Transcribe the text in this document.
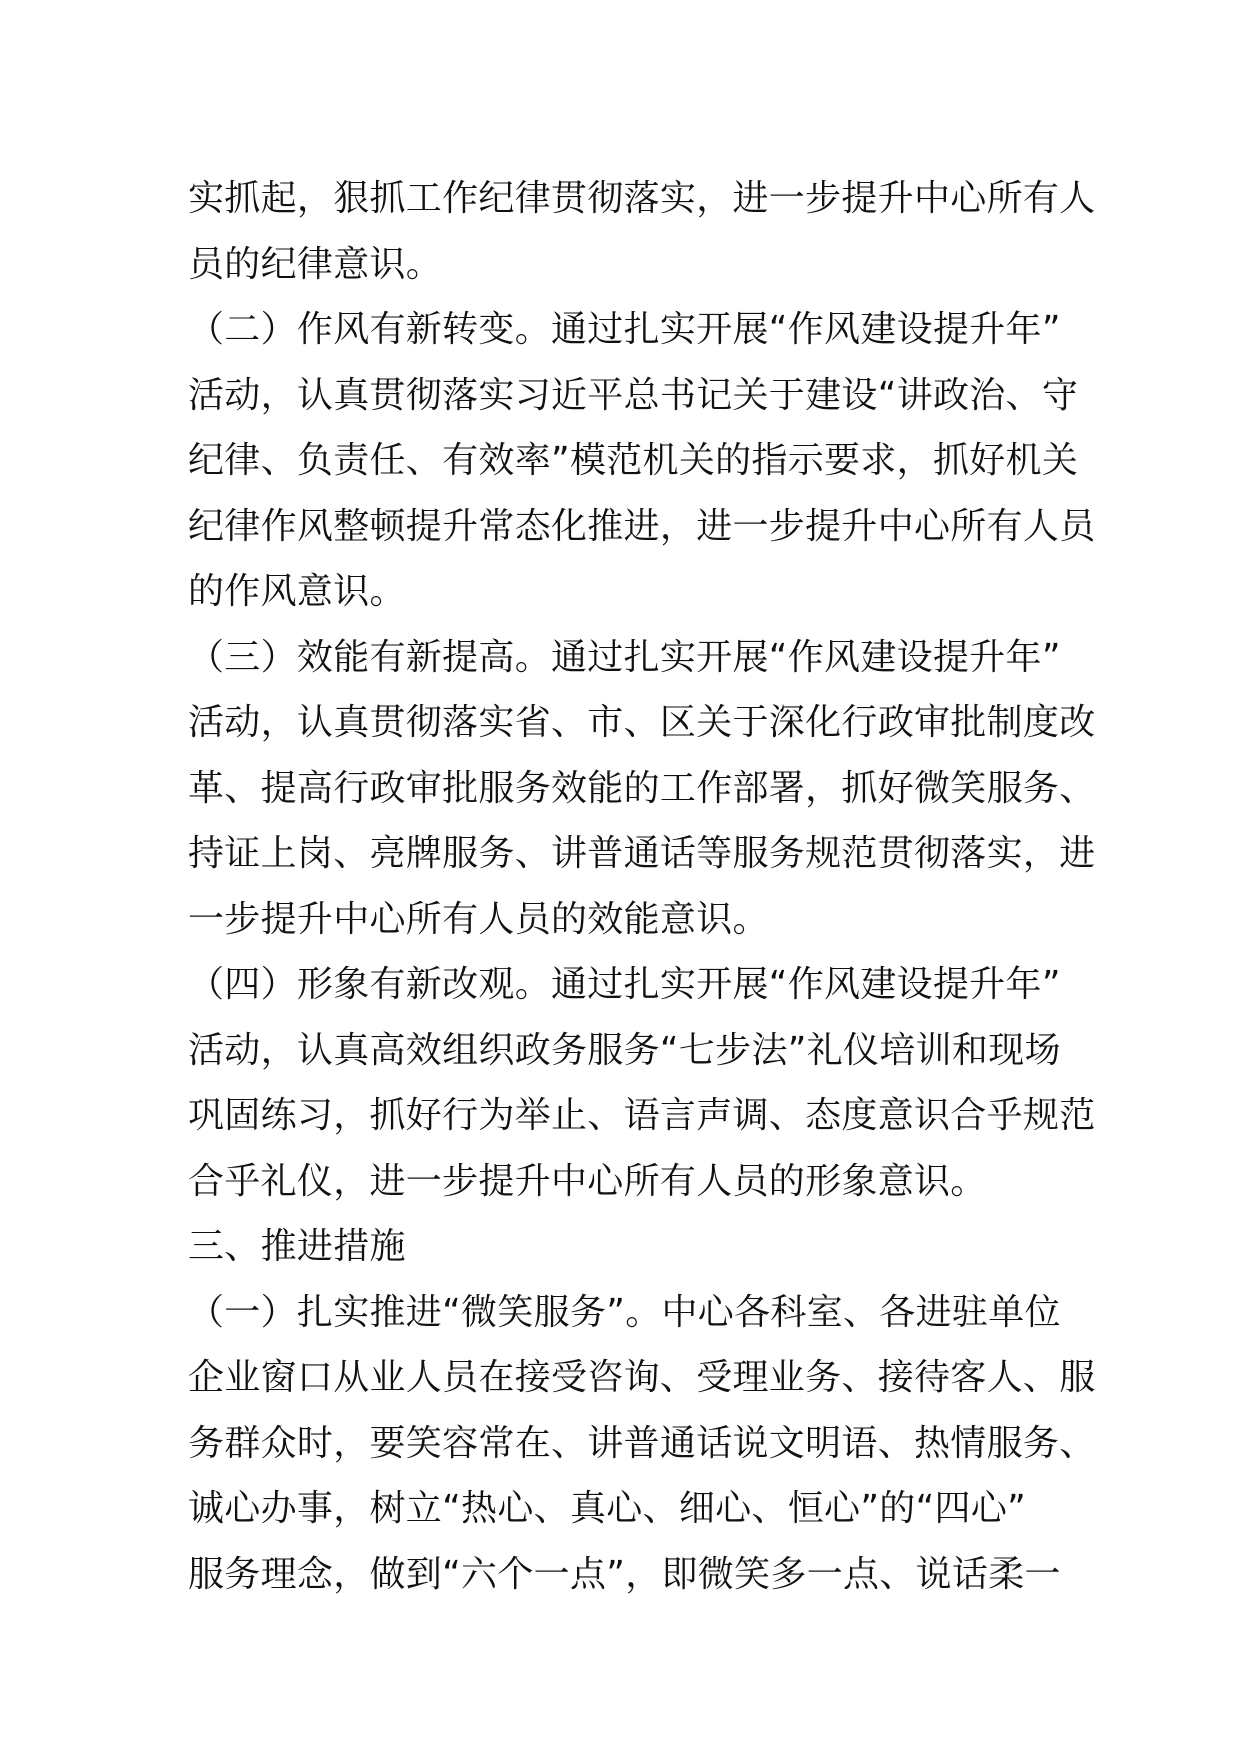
实抓起，狠抓工作纪律贯彻落实，进一步提升中心所有人
员的纪律意识。
（二）作风有新转变。通过扎实开展“作风建设提升年”
活动，认真贯彻落实习近平总书记关于建设“讲政治、守
纪律、负责任、有效率”模范机关的指示要求，抓好机关
纪律作风整顿提升常态化推进，进一步提升中心所有人员
的作风意识。
（三）效能有新提高。通过扎实开展“作风建设提升年”
活动，认真贯彻落实省、市、区关于深化行政审批制度改
革、提高行政审批服务效能的工作部署，抓好微笑服务、
持证上岗、亮牌服务、讲普通话等服务规范贯彻落实，进
一步提升中心所有人员的效能意识。
（四）形象有新改观。通过扎实开展“作风建设提升年”
活动，认真高效组织政务服务“七步法”礼仪培训和现场
巩固练习，抓好行为举止、语言声调、态度意识合乎规范
合乎礼仪，进一步提升中心所有人员的形象意识。
三、推进措施
（一）扎实推进“微笑服务”。中心各科室、各进驻单位
企业窗口从业人员在接受咨询、受理业务、接待客人、服
务群众时，要笑容常在、讲普通话说文明语、热情服务、
诚心办事，树立“热心、真心、细心、恒心”的“四心”
服务理念，做到“六个一点”，即微笑多一点、说话柔一
